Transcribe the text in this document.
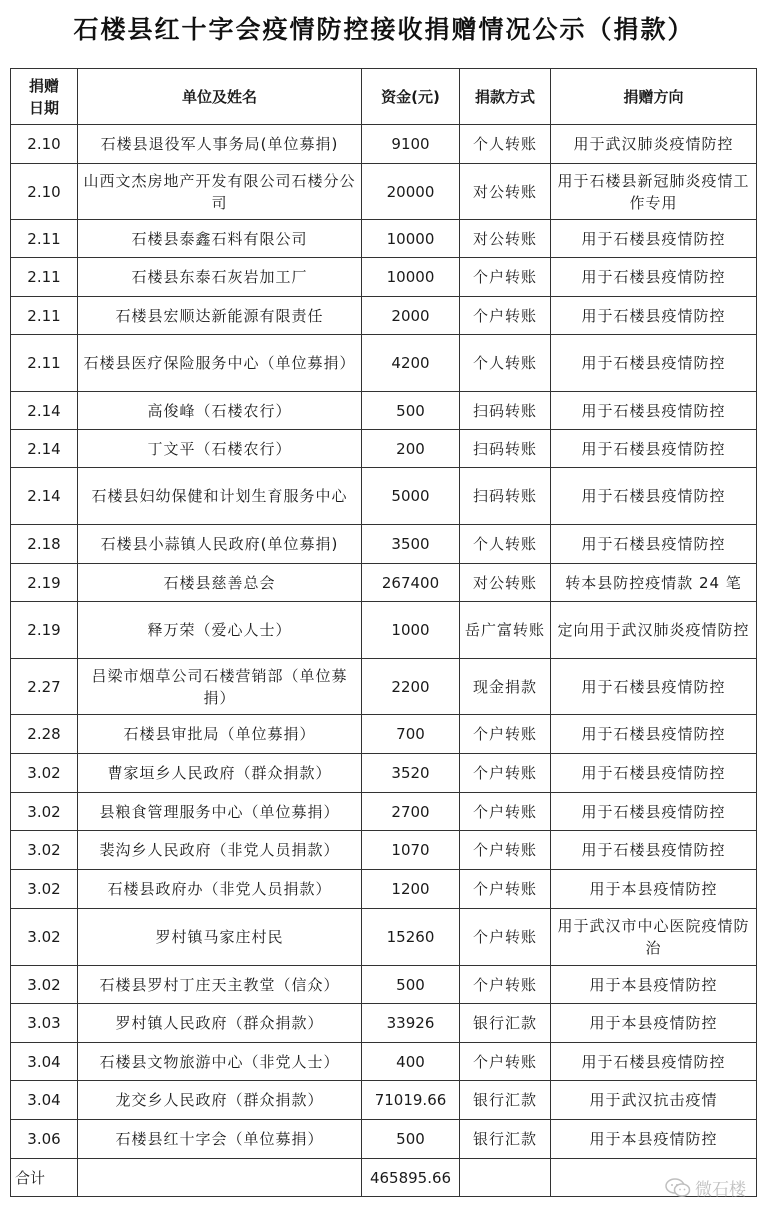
石楼县红十字会疫情防控接收捐赠情况公示（捐款）
捐赠日期	单位及姓名	资金(元)	捐款方式	捐赠方向
2.10	石楼县退役军人事务局(单位募捐)	9100	个人转账	用于武汉肺炎疫情防控
2.10	山西文杰房地产开发有限公司石楼分公司	20000	对公转账	用于石楼县新冠肺炎疫情工作专用
2.11	石楼县泰鑫石料有限公司	10000	对公转账	用于石楼县疫情防控
2.11	石楼县东泰石灰岩加工厂	10000	个户转账	用于石楼县疫情防控
2.11	石楼县宏顺达新能源有限责任	2000	个户转账	用于石楼县疫情防控
2.11	石楼县医疗保险服务中心（单位募捐）	4200	个人转账	用于石楼县疫情防控
2.14	高俊峰（石楼农行）	500	扫码转账	用于石楼县疫情防控
2.14	丁文平（石楼农行）	200	扫码转账	用于石楼县疫情防控
2.14	石楼县妇幼保健和计划生育服务中心	5000	扫码转账	用于石楼县疫情防控
2.18	石楼县小蒜镇人民政府(单位募捐)	3500	个人转账	用于石楼县疫情防控
2.19	石楼县慈善总会	267400	对公转账	转本县防控疫情款 24 笔
2.19	释万荣（爱心人士）	1000	岳广富转账	定向用于武汉肺炎疫情防控
2.27	吕梁市烟草公司石楼营销部（单位募捐）	2200	现金捐款	用于石楼县疫情防控
2.28	石楼县审批局（单位募捐）	700	个户转账	用于石楼县疫情防控
3.02	曹家垣乡人民政府（群众捐款）	3520	个户转账	用于石楼县疫情防控
3.02	县粮食管理服务中心（单位募捐）	2700	个户转账	用于石楼县疫情防控
3.02	裴沟乡人民政府（非党人员捐款）	1070	个户转账	用于石楼县疫情防控
3.02	石楼县政府办（非党人员捐款）	1200	个户转账	用于本县疫情防控
3.02	罗村镇马家庄村民	15260	个户转账	用于武汉市中心医院疫情防治
3.02	石楼县罗村丁庄天主教堂（信众）	500	个户转账	用于本县疫情防控
3.03	罗村镇人民政府（群众捐款）	33926	银行汇款	用于本县疫情防控
3.04	石楼县文物旅游中心（非党人士）	400	个户转账	用于石楼县疫情防控
3.04	龙交乡人民政府（群众捐款）	71019.66	银行汇款	用于武汉抗击疫情
3.06	石楼县红十字会（单位募捐）	500	银行汇款	用于本县疫情防控
合计		465895.66		
微石楼
